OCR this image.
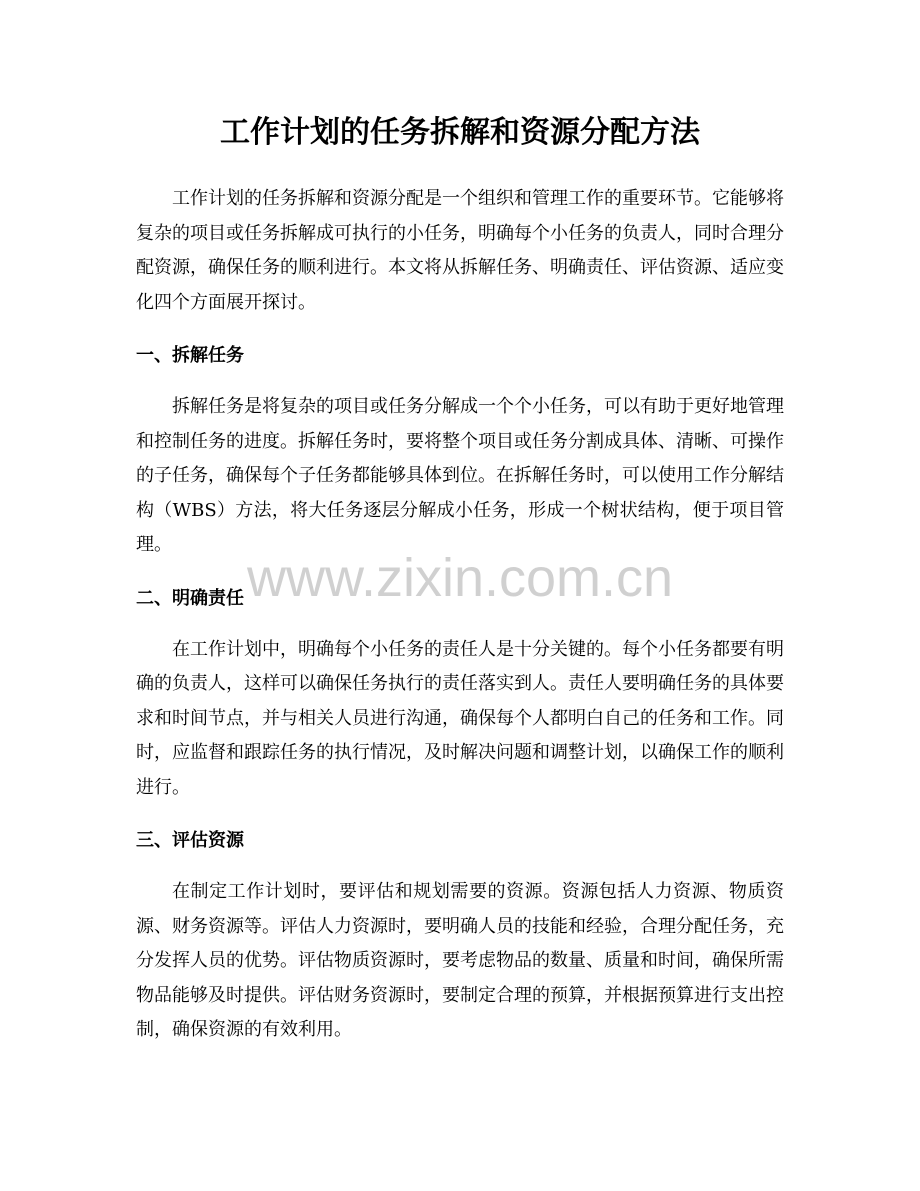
工作计划的任务拆解和资源分配方法

工作计划的任务拆解和资源分配是一个组织和管理工作的重要环节。它能够将复杂的项目或任务拆解成可执行的小任务，明确每个小任务的负责人，同时合理分配资源，确保任务的顺利进行。本文将从拆解任务、明确责任、评估资源、适应变化四个方面展开探讨。

一、拆解任务

拆解任务是将复杂的项目或任务分解成一个个小任务，可以有助于更好地管理和控制任务的进度。拆解任务时，要将整个项目或任务分割成具体、清晰、可操作的子任务，确保每个子任务都能够具体到位。在拆解任务时，可以使用工作分解结构（WBS）方法，将大任务逐层分解成小任务，形成一个树状结构，便于项目管理。

二、明确责任

在工作计划中，明确每个小任务的责任人是十分关键的。每个小任务都要有明确的负责人，这样可以确保任务执行的责任落实到人。责任人要明确任务的具体要求和时间节点，并与相关人员进行沟通，确保每个人都明白自己的任务和工作。同时，应监督和跟踪任务的执行情况，及时解决问题和调整计划，以确保工作的顺利进行。

三、评估资源

在制定工作计划时，要评估和规划需要的资源。资源包括人力资源、物质资源、财务资源等。评估人力资源时，要明确人员的技能和经验，合理分配任务，充分发挥人员的优势。评估物质资源时，要考虑物品的数量、质量和时间，确保所需物品能够及时提供。评估财务资源时，要制定合理的预算，并根据预算进行支出控制，确保资源的有效利用。

www.zixin.com.cn
